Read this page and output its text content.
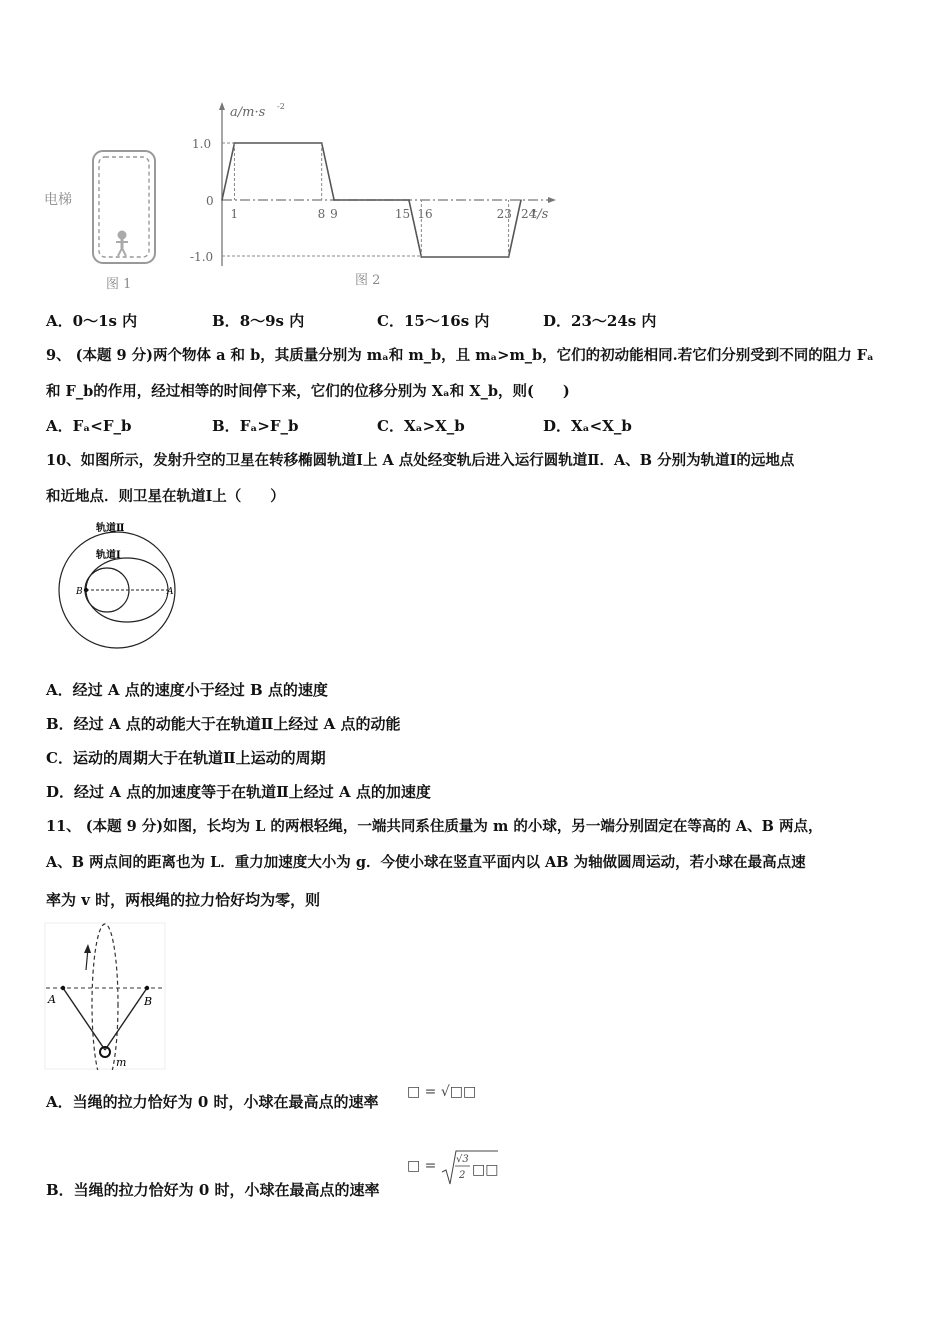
电梯
图 1
a/m·s -2
t/s
1.0
0
-1.0
1	8 9	15 16	23 24
图 2
A．0～1s 内	B．8～9s 内	C．15～16s 内	D．23～24s 内
9、 (本题 9 分)两个物体 a 和 b，其质量分别为 mₐ和 m_b，且 mₐ>m_b，它们的初动能相同.若它们分别受到不同的阻力 Fₐ
和 F_b的作用，经过相等的时间停下来，它们的位移分别为 Xₐ和 X_b，则(　　)
A．Fₐ<F_b	B．Fₐ>F_b	C．Xₐ>X_b	D．Xₐ<X_b
10、如图所示，发射升空的卫星在转移椭圆轨道Ⅰ上 A 点处经变轨后进入运行圆轨道Ⅱ．A、B 分别为轨道Ⅰ的远地点
和近地点．则卫星在轨道Ⅰ上（　　）
轨道Ⅱ
轨道Ⅰ
B	A
A．经过 A 点的速度小于经过 B 点的速度
B．经过 A 点的动能大于在轨道Ⅱ上经过 A 点的动能
C．运动的周期大于在轨道Ⅱ上运动的周期
D．经过 A 点的加速度等于在轨道Ⅱ上经过 A 点的加速度
11、 (本题 9 分)如图，长均为 L 的两根轻绳，一端共同系住质量为 m 的小球，另一端分别固定在等高的 A、B 两点，
A、B 两点间的距离也为 L．重力加速度大小为 g．今使小球在竖直平面内以 AB 为轴做圆周运动，若小球在最高点速
率为 v 时，两根绳的拉力恰好均为零，则
A	B
m
A．当绳的拉力恰好为 0 时，小球在最高点的速率
□ = √□□
B．当绳的拉力恰好为 0 时，小球在最高点的速率
□ = √3
2 □□
